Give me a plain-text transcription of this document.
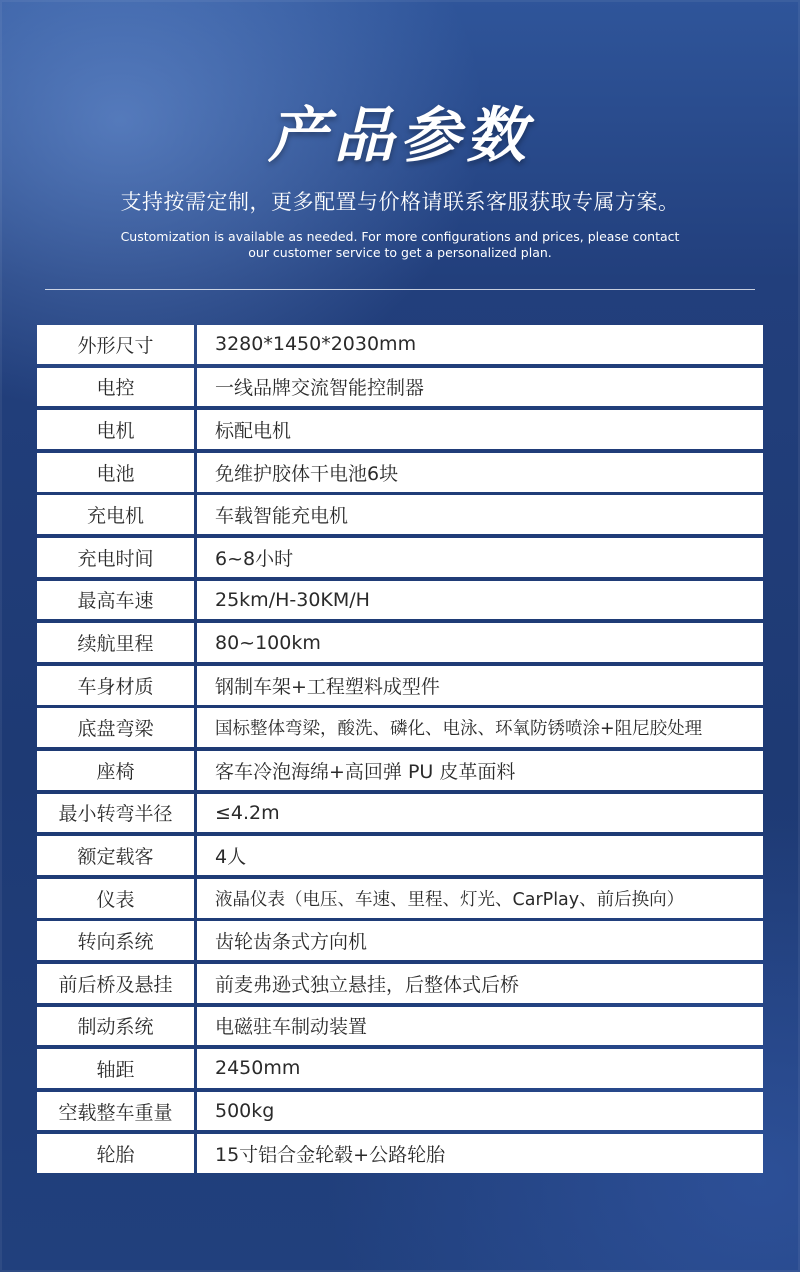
产品参数
支持按需定制，更多配置与价格请联系客服获取专属方案。
Customization is available as needed. For more configurations and prices, please contact our customer service to get a personalized plan.
外形尺寸	3280*1450*2030mm
电控	一线品牌交流智能控制器
电机	标配电机
电池	免维护胶体干电池6块
充电机	车载智能充电机
充电时间	6~8小时
最高车速	25km/H-30KM/H
续航里程	80~100km
车身材质	钢制车架+工程塑料成型件
底盘弯梁	国标整体弯梁，酸洗、磷化、电泳、环氧防锈喷涂+阻尼胶处理
座椅	客车冷泡海绵+高回弹 PU 皮革面料
最小转弯半径	≤4.2m
额定载客	4人
仪表	液晶仪表（电压、车速、里程、灯光、CarPlay、前后换向）
转向系统	齿轮齿条式方向机
前后桥及悬挂	前麦弗逊式独立悬挂，后整体式后桥
制动系统	电磁驻车制动装置
轴距	2450mm
空载整车重量	500kg
轮胎	15寸铝合金轮毂+公路轮胎
